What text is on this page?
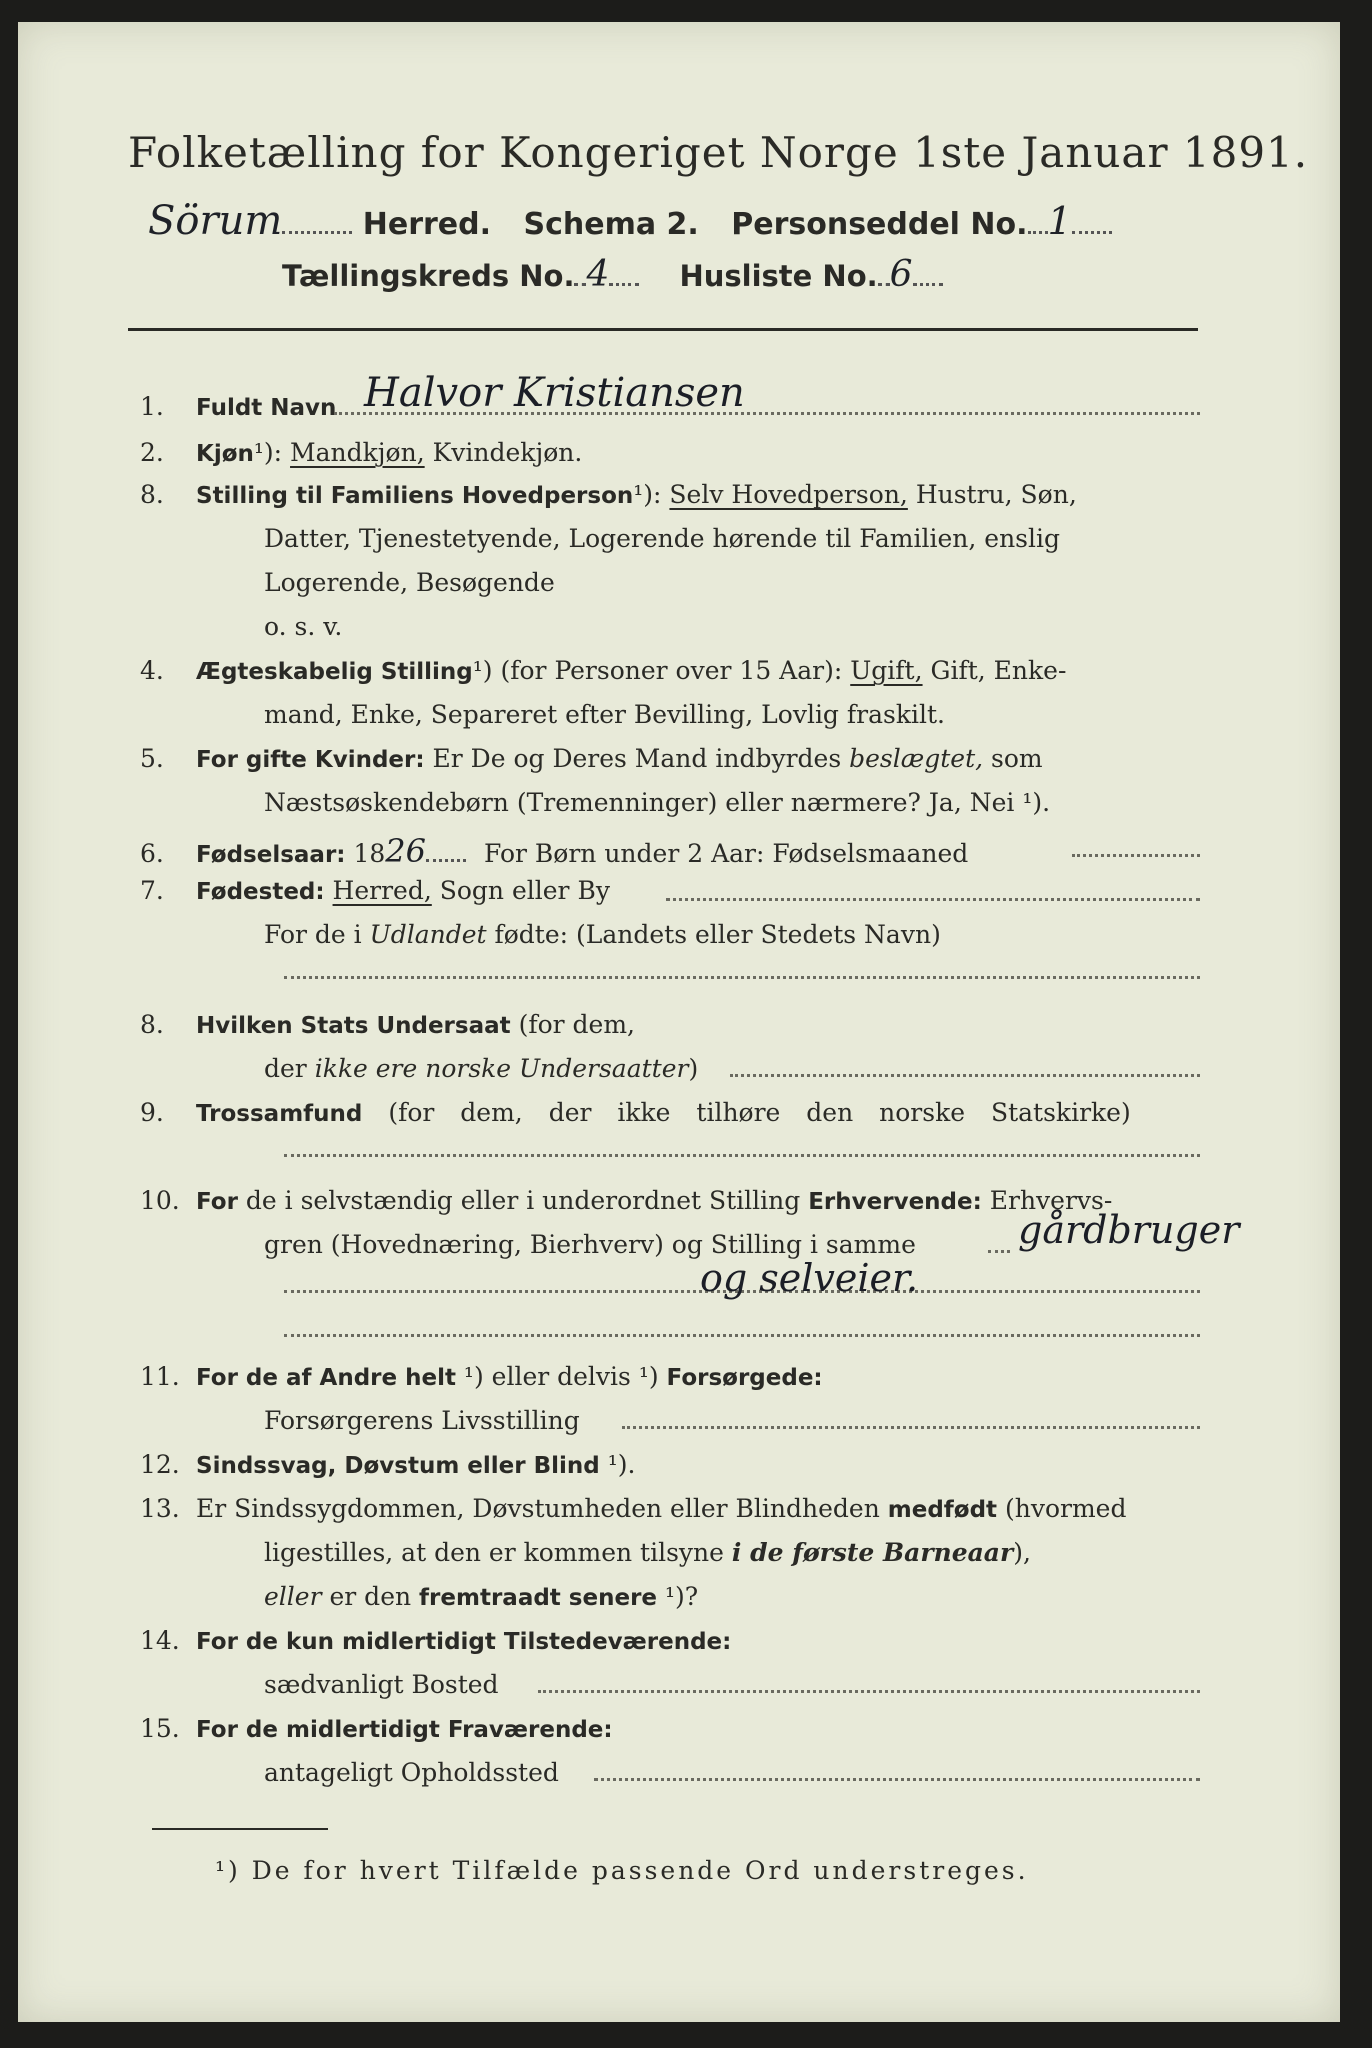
Folketælling for Kongeriget Norge 1ste Januar 1891.
Sörum	Herred. Schema 2. Personseddel No. 1
Tællingskreds No. 4 Husliste No. 6
1. Fuldt Navn Halvor Kristiansen
2. Kjøn¹): Mandkjøn, Kvindekjøn.
8. Stilling til Familiens Hovedperson¹): Selv Hovedperson, Hustru, Søn,
Datter, Tjenestetyende, Logerende hørende til Familien, enslig
Logerende, Besøgende
o. s. v.
4. Ægteskabelig Stilling¹) (for Personer over 15 Aar): Ugift, Gift, Enke-
mand, Enke, Separeret efter Bevilling, Lovlig fraskilt.
5. For gifte Kvinder: Er De og Deres Mand indbyrdes beslægtet, som
Næstsøskendebørn (Tremenninger) eller nærmere? Ja, Nei ¹).
6. Fødselsaar: 1826 For Børn under 2 Aar: Fødselsmaaned
7. Fødested: Herred, Sogn eller By
For de i Udlandet fødte: (Landets eller Stedets Navn)
8. Hvilken Stats Undersaat (for dem,
der ikke ere norske Undersaatter)
9. Trossamfund (for dem, der ikke tilhøre den norske Statskirke)
10. For de i selvstændig eller i underordnet Stilling Erhvervende: Erhvervs-
gren (Hovednæring, Bierhverv) og Stilling i samme	gårdbruger
og selveier.
11. For de af Andre helt ¹) eller delvis ¹) Forsørgede:
Forsørgerens Livsstilling
12. Sindssvag, Døvstum eller Blind ¹).
13. Er Sindssygdommen, Døvstumheden eller Blindheden medfødt (hvormed
ligestilles, at den er kommen tilsyne i de første Barneaar),
eller er den fremtraadt senere ¹)?
14. For de kun midlertidigt Tilstedeværende:
sædvanligt Bosted
15. For de midlertidigt Fraværende:
antageligt Opholdssted
¹) De for hvert Tilfælde passende Ord understreges.
